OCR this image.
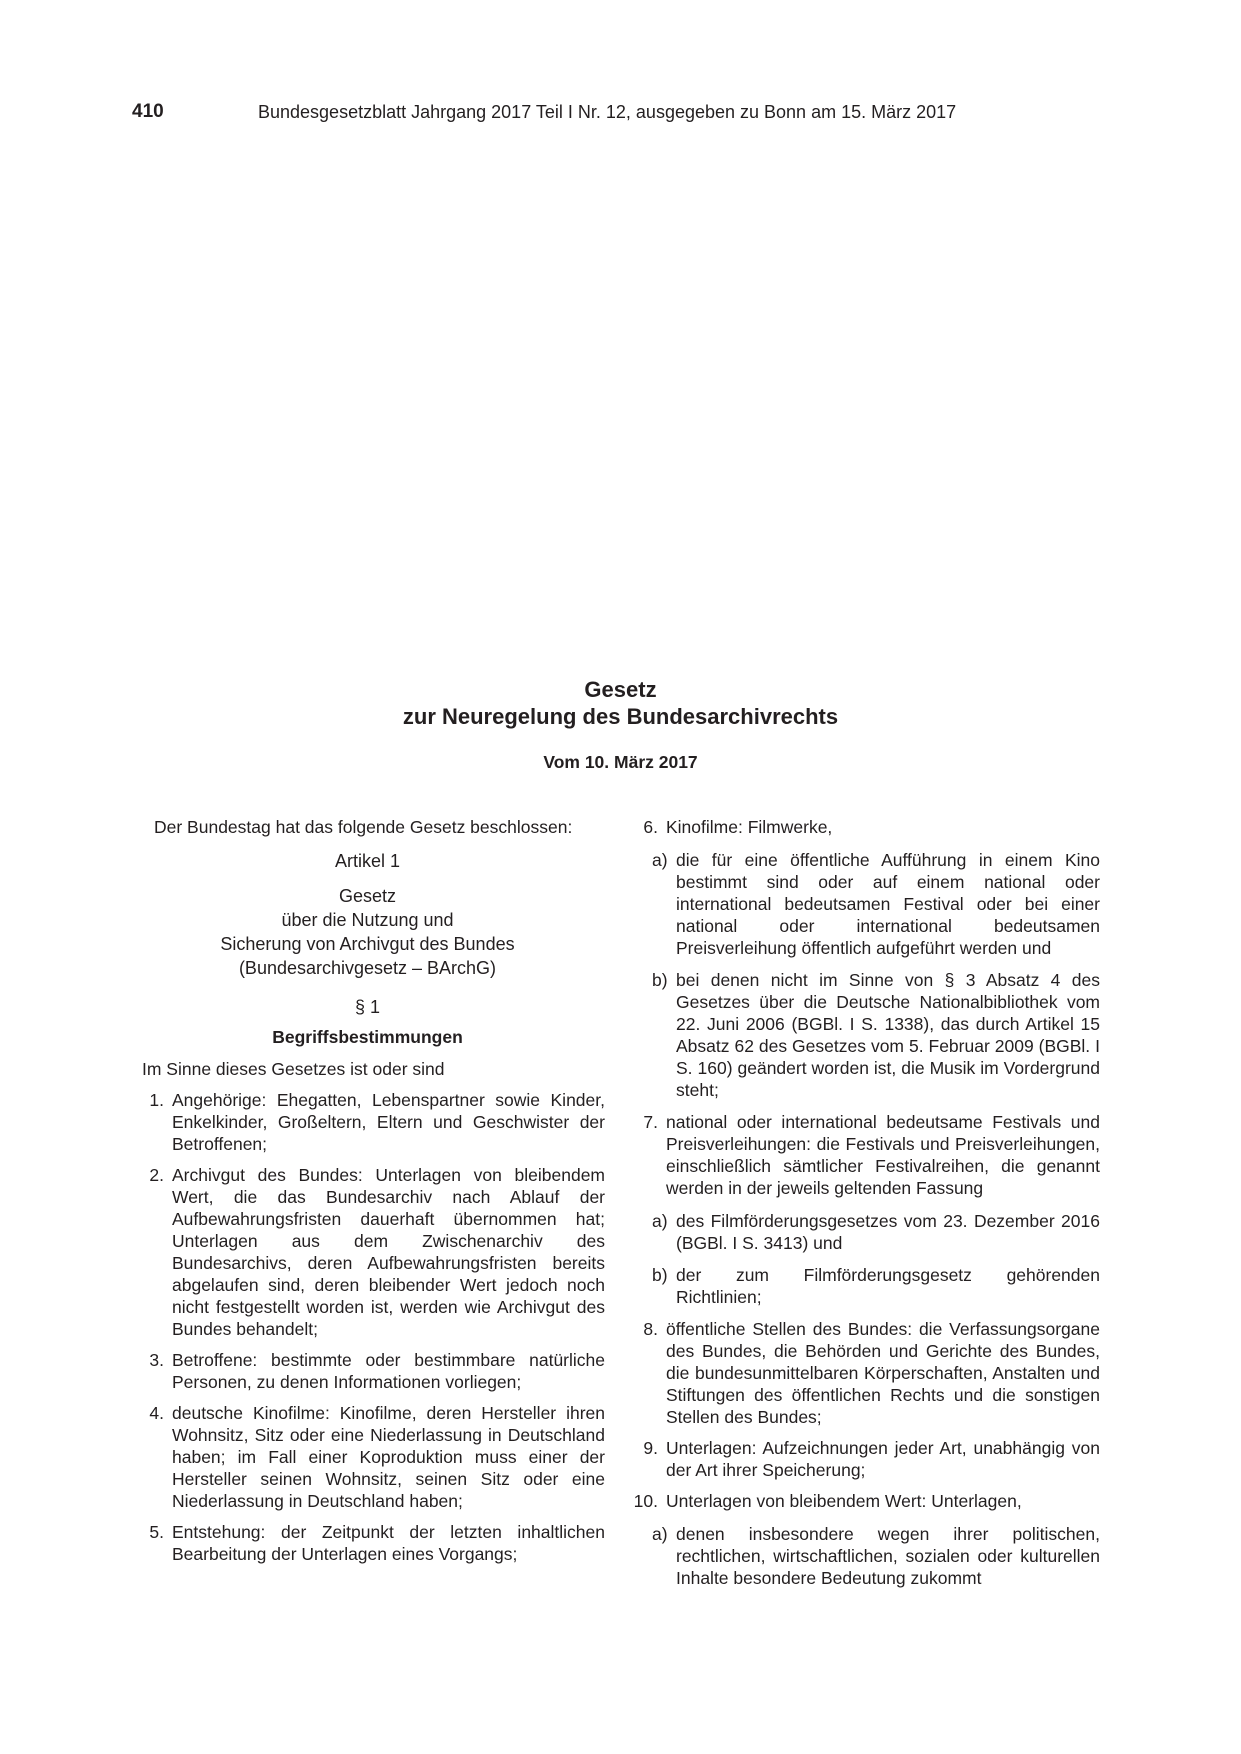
410	Bundesgesetzblatt Jahrgang 2017 Teil I Nr. 12, ausgegeben zu Bonn am 15. März 2017
Gesetz
zur Neuregelung des Bundesarchivrechts
Vom 10. März 2017

Der Bundestag hat das folgende Gesetz beschlossen:

Artikel 1
Gesetz
über die Nutzung und
Sicherung von Archivgut des Bundes
(Bundesarchivgesetz – BArchG)
§ 1
Begriffsbestimmungen
Im Sinne dieses Gesetzes ist oder sind
1. Angehörige: Ehegatten, Lebenspartner sowie Kinder, Enkelkinder, Großeltern, Eltern und Geschwister der Betroffenen;
2. Archivgut des Bundes: Unterlagen von bleibendem Wert, die das Bundesarchiv nach Ablauf der Aufbewahrungsfristen dauerhaft übernommen hat; Unterlagen aus dem Zwischenarchiv des Bundesarchivs, deren Aufbewahrungsfristen bereits abgelaufen sind, deren bleibender Wert jedoch noch nicht festgestellt worden ist, werden wie Archivgut des Bundes behandelt;
3. Betroffene: bestimmte oder bestimmbare natürliche Personen, zu denen Informationen vorliegen;
4. deutsche Kinofilme: Kinofilme, deren Hersteller ihren Wohnsitz, Sitz oder eine Niederlassung in Deutschland haben; im Fall einer Koproduktion muss einer der Hersteller seinen Wohnsitz, seinen Sitz oder eine Niederlassung in Deutschland haben;
5. Entstehung: der Zeitpunkt der letzten inhaltlichen Bearbeitung der Unterlagen eines Vorgangs;
6. Kinofilme: Filmwerke,
a) die für eine öffentliche Aufführung in einem Kino bestimmt sind oder auf einem national oder international bedeutsamen Festival oder bei einer national oder international bedeutsamen Preisverleihung öffentlich aufgeführt werden und
b) bei denen nicht im Sinne von § 3 Absatz 4 des Gesetzes über die Deutsche Nationalbibliothek vom 22. Juni 2006 (BGBl. I S. 1338), das durch Artikel 15 Absatz 62 des Gesetzes vom 5. Februar 2009 (BGBl. I S. 160) geändert worden ist, die Musik im Vordergrund steht;
7. national oder international bedeutsame Festivals und Preisverleihungen: die Festivals und Preisverleihungen, einschließlich sämtlicher Festivalreihen, die genannt werden in der jeweils geltenden Fassung
a) des Filmförderungsgesetzes vom 23. Dezember 2016 (BGBl. I S. 3413) und
b) der zum Filmförderungsgesetz gehörenden Richtlinien;
8. öffentliche Stellen des Bundes: die Verfassungsorgane des Bundes, die Behörden und Gerichte des Bundes, die bundesunmittelbaren Körperschaften, Anstalten und Stiftungen des öffentlichen Rechts und die sonstigen Stellen des Bundes;
9. Unterlagen: Aufzeichnungen jeder Art, unabhängig von der Art ihrer Speicherung;
10. Unterlagen von bleibendem Wert: Unterlagen,
a) denen insbesondere wegen ihrer politischen, rechtlichen, wirtschaftlichen, sozialen oder kulturellen Inhalte besondere Bedeutung zukommt
